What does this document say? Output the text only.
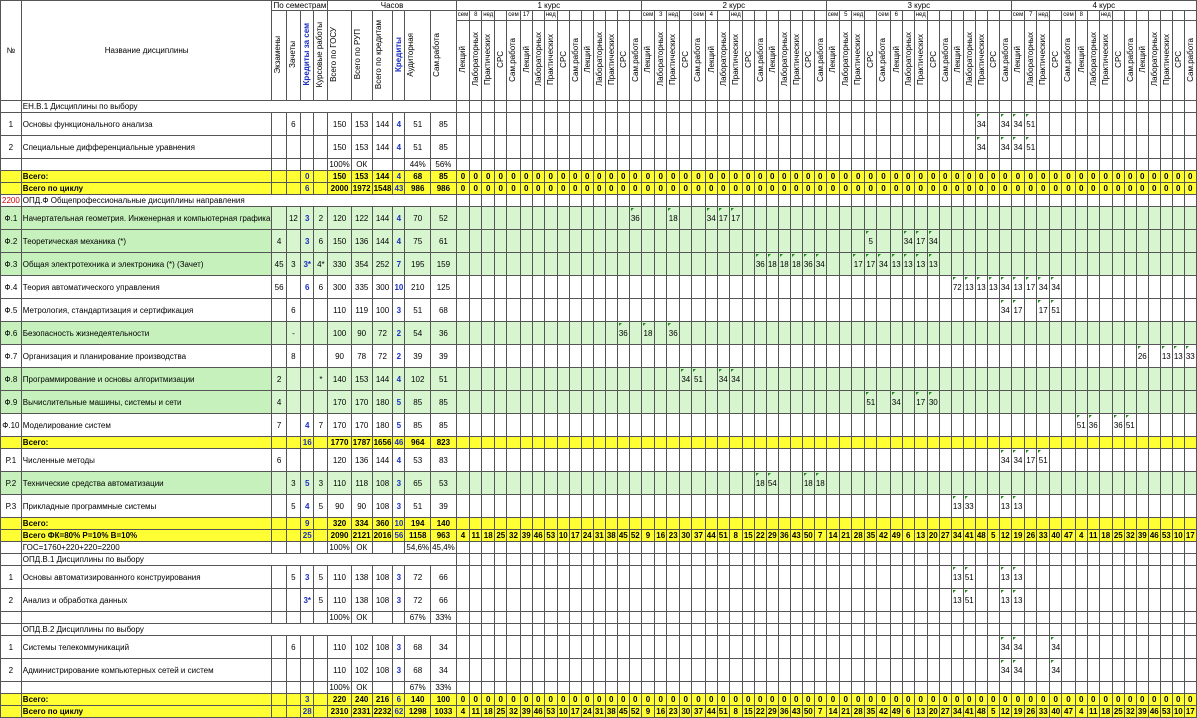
№	Название дисциплины	По семестрам	Часов	1 курс	2 курс	3 курс	4 курс
Экзамены	Зачеты	Кредиты за сем	Курсовые работы	Всего по ГОСУ	Всего по РУП	Всего по кредитам	Кредиты	Аудиторная	Сам.работа	сем	8	нед		сем	17		нед								сем	3	нед		сем	4		нед								сем	5	нед		сем	6		нед								сем	7	нед		сем	8		нед							
Лекций	Лабораторных	Практических	СРС	Сам.работа	Лекций	Лабораторных	Практических	СРС	Сам.работа	Лекций	Лабораторных	Практических	СРС	Сам.работа	Лекций	Лабораторных	Практических	СРС	Сам.работа	Лекций	Лабораторных	Практических	СРС	Сам.работа	Лекций	Лабораторных	Практических	СРС	Сам.работа	Лекций	Лабораторных	Практических	СРС	Сам.работа	Лекций	Лабораторных	Практических	СРС	Сам.работа	Лекций	Лабораторных	Практических	СРС	Сам.работа	Лекций	Лабораторных	Практических	СРС	Сам.работа	Лекций	Лабораторных	Практических	СРС	Сам.работа	Лекций	Лабораторных	Практических	СРС	Сам.работа
	ЕН.В.1 Дисциплины по выбору																																																												
1	Основы функционального анализа		6			150	153	144	4	51	85																																											34		34	34	51													
2	Специальные дифференциальные уравнения					150	153	144	4	51	85																																											34		34	34	51													
						100%	ОК			44%	56%																																																												
	Всего:			0		150	153	144	4	68	85	0	0	0	0	0	0	0	0	0	0	0	0	0	0	0	0	0	0	0	0	0	0	0	0	0	0	0	0	0	0	0	0	0	0	0	0	0	0	0	0	0	0	0	0	0	0	0	0	0	0	0	0	0	0	0	0	0	0	0	0
	Всего по циклу			6		2000	1972	1548	43	986	986	0	0	0	0	0	0	0	0	0	0	0	0	0	0	0	0	0	0	0	0	0	0	0	0	0	0	0	0	0	0	0	0	0	0	0	0	0	0	0	0	0	0	0	0	0	0	0	0	0	0	0	0	0	0	0	0	0	0	0	0
2200	ОПД.Ф Общепрофессиональные дисциплины направления																																																												
Ф.1	Начертательная геометрия. Инженерная и компьютерная графика		12	3	2	120	122	144	4	70	52															36			18			34	17	17																																					
Ф.2	Теоретическая механика (*)	4		3	6	150	136	144	4	75	61																																		5			34	17	34																					
Ф.3	Общая электротехника и электроника (*) (Зачет)	45	3	3*	4*	330	354	252	7	195	159																									36	18	18	18	36	34			17	17	34	13	13	13	13																					
Ф.4	Теория автоматического управления	56		6	6	300	335	300	10	210	125																																									72	13	13	13	34	13	17	34	34											
Ф.5	Метрология, стандартизация и сертификация		6			110	119	100	3	51	68																																													34	17		17	51											
Ф.6	Безопасность жизнедеятельности		-			100	90	72	2	54	36														36		18		36																																										
Ф.7	Организация и планирование производства		8			90	78	72	2	39	39																																																								26		13	13	33
Ф.8	Программирование и основы алгоритмизации	2			*	140	153	144	4	102	51																			34	51		34	34																																					
Ф.9	Вычислительные машины, системы и сети	4				170	170	180	5	85	85																																		51		34		17	30																					
Ф.10	Моделирование систем	7		4	7	170	170	180	5	85	85																																																			51	36		36	51					
	Всего:			16		1770	1787	1656	46	964	823																																																												
Р.1	Численные методы	6				120	136	144	4	53	83																																													34	34	17	51												
Р.2	Технические средства автоматизации		3	5	3	110	118	108	3	65	53																									18	54			18	18																														
Р.3	Прикладные программные системы		5	4	5	90	90	108	3	51	39																																									13	33			13	13														
	Всего:			9		320	334	360	10	194	140																																																												
	Всего ФК=80% Р=10% В=10%			25		2090	2121	2016	56	1158	963	4	11	18	25	32	39	46	53	10	17	24	31	38	45	52	9	16	23	30	37	44	51	8	15	22	29	36	43	50	7	14	21	28	35	42	49	6	13	20	27	34	41	48	5	12	19	26	33	40	47	4	11	18	25	32	39	46	53	10	17
	ГОС=1760+220+220=2200					100%	ОК			54,6%	45,4%																																																												
	ОПД.В.1 Дисциплины по выбору																																																												
1	Основы автоматизированного конструирования		5	3	5	110	138	108	3	72	66																																									13	51			13	13														
2	Анализ и обработка данных			3*	5	110	138	108	3	72	66																																									13	51			13	13														
						100%	ОК			67%	33%																																																												
	ОПД.В.2 Дисциплины по выбору																																																												
1	Системы телекоммуникаций		6			110	102	108	3	68	34																																													34	34			34											
2	Администрирование компьютерных сетей и систем					110	102	108	3	68	34																																													34	34			34											
						100%	ОК			67%	33%																																																												
	Всего:			3		220	240	216	6	140	100	0	0	0	0	0	0	0	0	0	0	0	0	0	0	0	0	0	0	0	0	0	0	0	0	0	0	0	0	0	0	0	0	0	0	0	0	0	0	0	0	0	0	0	0	0	0	0	0	0	0	0	0	0	0	0	0	0	0	0	0
	Всего по циклу			28		2310	2331	2232	62	1298	1033	4	11	18	25	32	39	46	53	10	17	24	31	38	45	52	9	16	23	30	37	44	51	8	15	22	29	36	43	50	7	14	21	28	35	42	49	6	13	20	27	34	41	48	5	12	19	26	33	40	47	4	11	18	25	32	39	46	53	10	17
